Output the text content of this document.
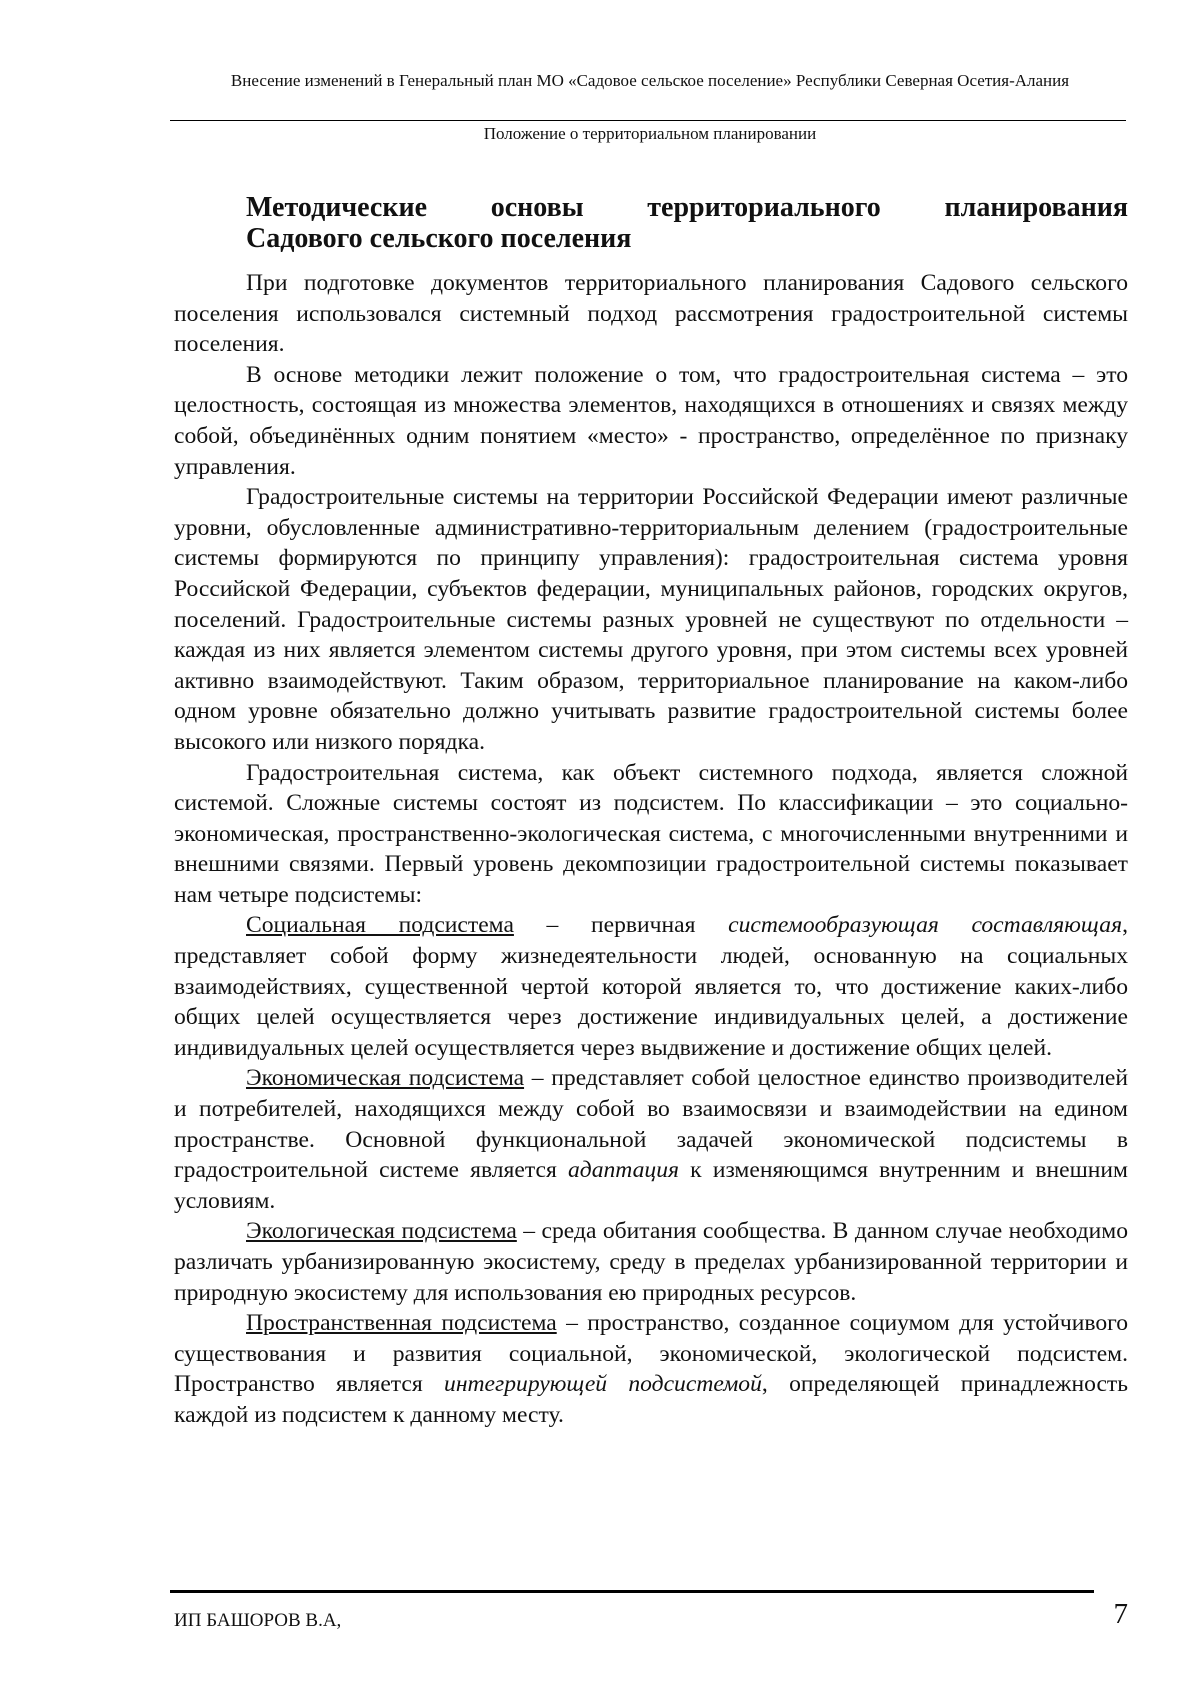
Внесение изменений в Генеральный план МО «Садовое сельское поселение» Республики Северная Осетия-Алания
Положение о территориальном планировании
Методические основы территориального планирования
Садового сельского поселения

При подготовке документов территориального планирования Садового сельского поселения использовался системный подход рассмотрения градостроительной системы поселения.

В основе методики лежит положение о том, что градостроительная система – это целостность, состоящая из множества элементов, находящихся в отношениях и связях между собой, объединённых одним понятием «место» - пространство, определённое по признаку управления.

Градостроительные системы на территории Российской Федерации имеют различные уровни, обусловленные административно-территориальным делением (градостроительные системы формируются по принципу управления): градостроительная система уровня Российской Федерации, субъектов федерации, муниципальных районов, городских округов, поселений. Градостроительные системы разных уровней не существуют по отдельности – каждая из них является элементом системы другого уровня, при этом системы всех уровней активно взаимодействуют. Таким образом, территориальное планирование на каком-либо одном уровне обязательно должно учитывать развитие градостроительной системы более высокого или низкого порядка.

Градостроительная система, как объект системного подхода, является сложной системой. Сложные системы состоят из подсистем. По классификации – это социально-экономическая, пространственно-экологическая система, с многочисленными внутренними и внешними связями. Первый уровень декомпозиции градостроительной системы показывает нам четыре подсистемы:

Социальная подсистема – первичная системообразующая составляющая, представляет собой форму жизнедеятельности людей, основанную на социальных взаимодействиях, существенной чертой которой является то, что достижение каких-либо общих целей осуществляется через достижение индивидуальных целей, а достижение индивидуальных целей осуществляется через выдвижение и достижение общих целей.

Экономическая подсистема – представляет собой целостное единство производителей и потребителей, находящихся между собой во взаимосвязи и взаимодействии на едином пространстве. Основной функциональной задачей экономической подсистемы в градостроительной системе является адаптация к изменяющимся внутренним и внешним условиям.

Экологическая подсистема – среда обитания сообщества. В данном случае необходимо различать урбанизированную экосистему, среду в пределах урбанизированной территории и природную экосистему для использования ею природных ресурсов.

Пространственная подсистема – пространство, созданное социумом для устойчивого существования и развития социальной, экономической, экологической подсистем. Пространство является интегрирующей подсистемой, определяющей принадлежность каждой из подсистем к данному месту.

ИП БАШОРОВ В.А,	7
